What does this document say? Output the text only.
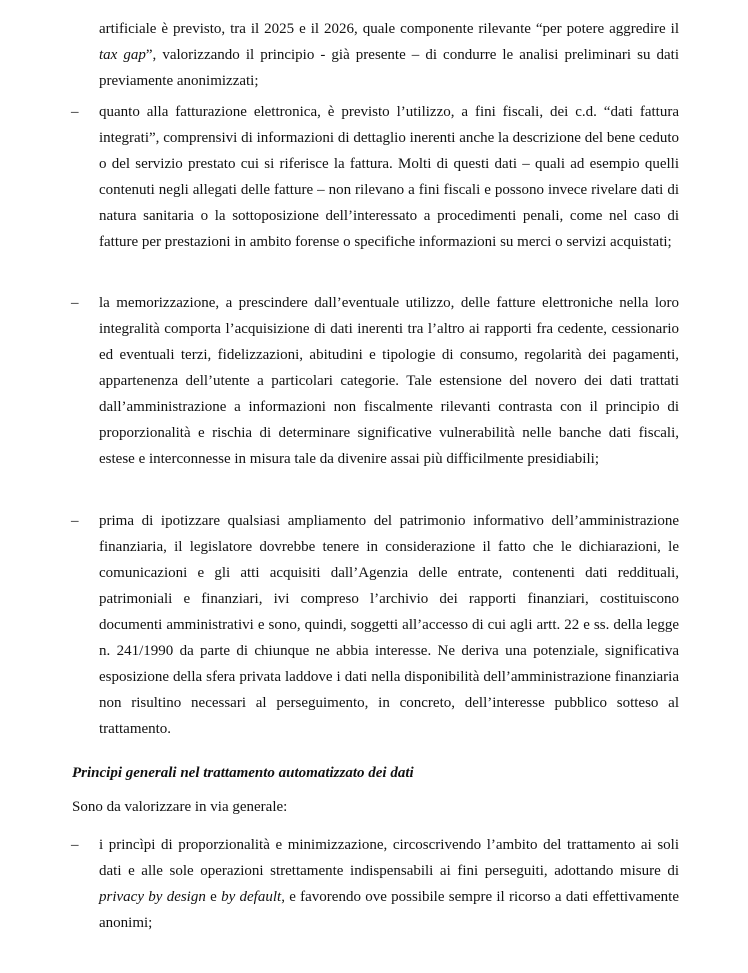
artificiale è previsto, tra il 2025 e il 2026, quale componente rilevante “per potere aggredire il tax gap”, valorizzando il principio - già presente – di condurre le analisi preliminari su dati previamente anonimizzati;

– quanto alla fatturazione elettronica, è previsto l’utilizzo, a fini fiscali, dei c.d. “dati fattura integrati”, comprensivi di informazioni di dettaglio inerenti anche la descrizione del bene ceduto o del servizio prestato cui si riferisce la fattura. Molti di questi dati – quali ad esempio quelli contenuti negli allegati delle fatture – non rilevano a fini fiscali e possono invece rivelare dati di natura sanitaria o la sottoposizione dell’interessato a procedimenti penali, come nel caso di fatture per prestazioni in ambito forense o specifiche informazioni su merci o servizi acquistati;

– la memorizzazione, a prescindere dall’eventuale utilizzo, delle fatture elettroniche nella loro integralità comporta l’acquisizione di dati inerenti tra l’altro ai rapporti fra cedente, cessionario ed eventuali terzi, fidelizzazioni, abitudini e tipologie di consumo, regolarità dei pagamenti, appartenenza dell’utente a particolari categorie. Tale estensione del novero dei dati trattati dall’amministrazione a informazioni non fiscalmente rilevanti contrasta con il principio di proporzionalità e rischia di determinare significative vulnerabilità nelle banche dati fiscali, estese e interconnesse in misura tale da divenire assai più difficilmente presidiabili;

– prima di ipotizzare qualsiasi ampliamento del patrimonio informativo dell’amministrazione finanziaria, il legislatore dovrebbe tenere in considerazione il fatto che le dichiarazioni, le comunicazioni e gli atti acquisiti dall’Agenzia delle entrate, contenenti dati reddituali, patrimoniali e finanziari, ivi compreso l’archivio dei rapporti finanziari, costituiscono documenti amministrativi e sono, quindi, soggetti all’accesso di cui agli artt. 22 e ss. della legge n. 241/1990 da parte di chiunque ne abbia interesse. Ne deriva una potenziale, significativa esposizione della sfera privata laddove i dati nella disponibilità dell’amministrazione finanziaria non risultino necessari al perseguimento, in concreto, dell’interesse pubblico sotteso al trattamento.

Principi generali nel trattamento automatizzato dei dati

Sono da valorizzare in via generale:

– i princìpi di proporzionalità e minimizzazione, circoscrivendo l’ambito del trattamento ai soli dati e alle sole operazioni strettamente indispensabili ai fini perseguiti, adottando misure di privacy by design e by default, e favorendo ove possibile sempre il ricorso a dati effettivamente anonimi;
